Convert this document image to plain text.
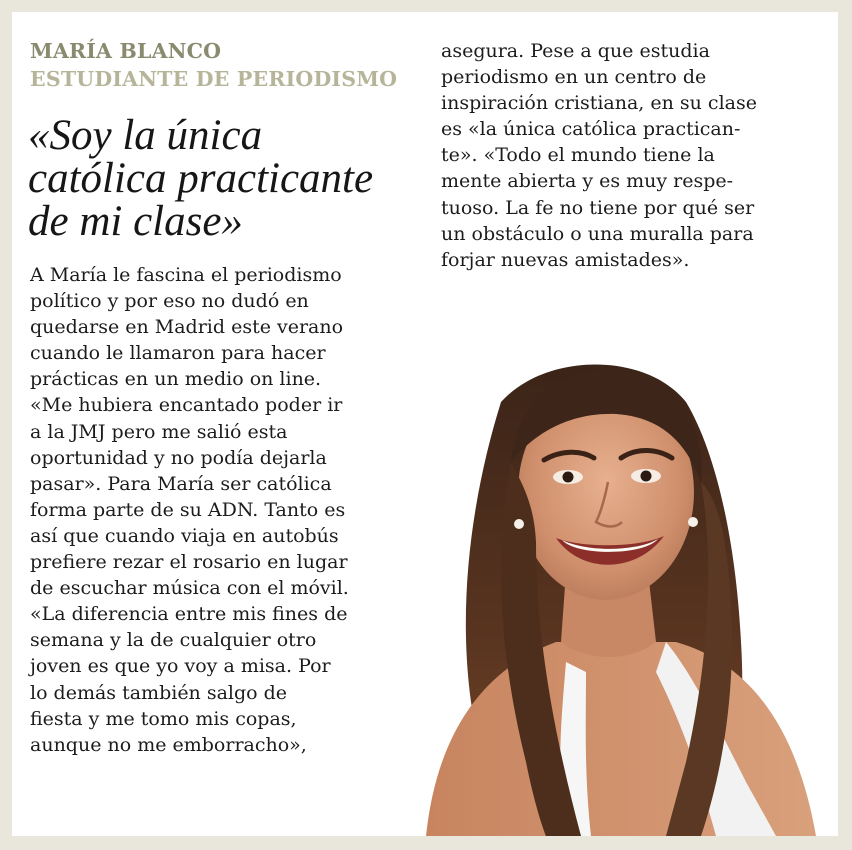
MARÍA BLANCO
ESTUDIANTE DE PERIODISMO
«Soy la única
católica practicante
de mi clase»
A María le fascina el periodismo
político y por eso no dudó en
quedarse en Madrid este verano
cuando le llamaron para hacer
prácticas en un medio on line.
«Me hubiera encantado poder ir
a la JMJ pero me salió esta
oportunidad y no podía dejarla
pasar». Para María ser católica
forma parte de su ADN. Tanto es
así que cuando viaja en autobús
prefiere rezar el rosario en lugar
de escuchar música con el móvil.
«La diferencia entre mis fines de
semana y la de cualquier otro
joven es que yo voy a misa. Por
lo demás también salgo de
fiesta y me tomo mis copas,
aunque no me emborracho»,
asegura. Pese a que estudia
periodismo en un centro de
inspiración cristiana, en su clase
es «la única católica practican-
te». «Todo el mundo tiene la
mente abierta y es muy respe-
tuoso. La fe no tiene por qué ser
un obstáculo o una muralla para
forjar nuevas amistades».
